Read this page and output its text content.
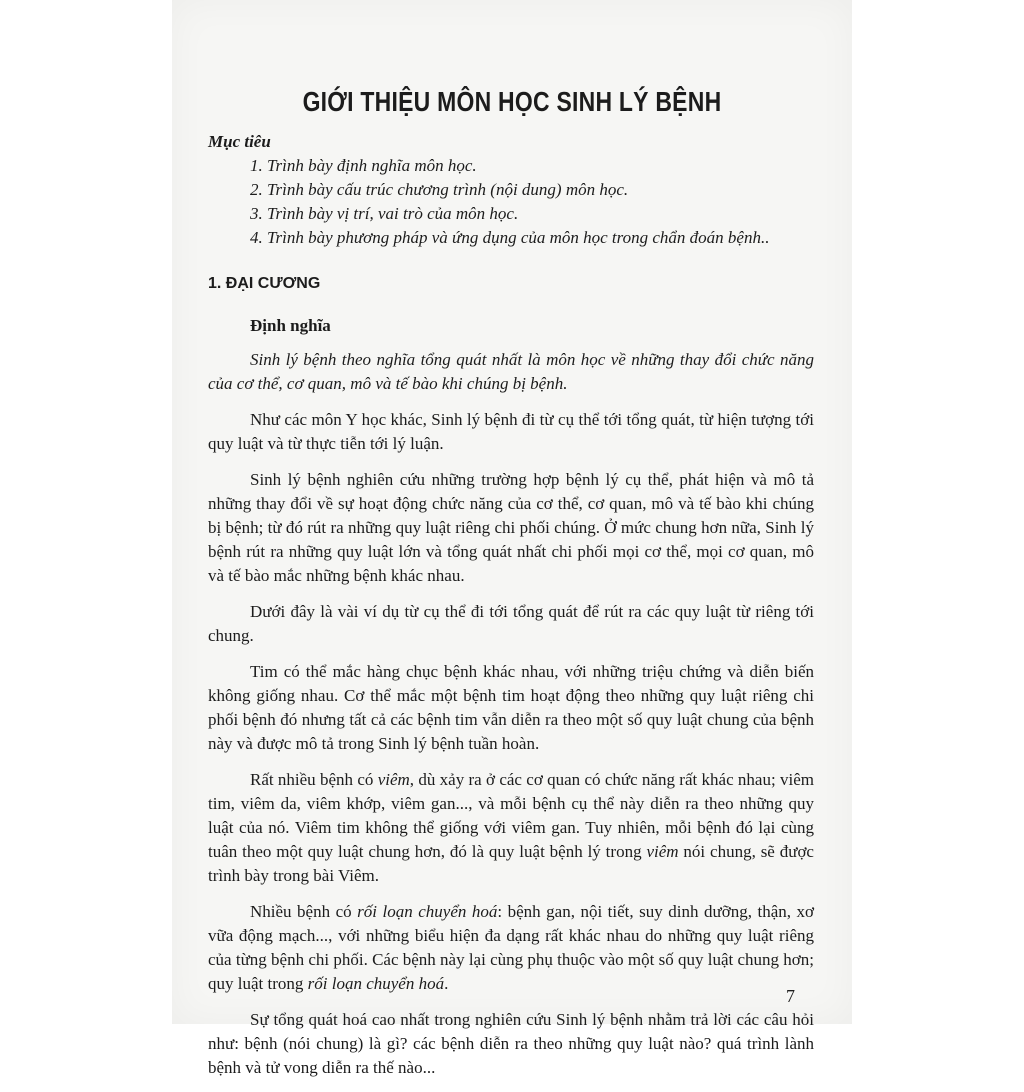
GIỚI THIỆU MÔN HỌC SINH LÝ BỆNH

Mục tiêu

1. Trình bày định nghĩa môn học.
2. Trình bày cấu trúc chương trình (nội dung) môn học.
3. Trình bày vị trí, vai trò của môn học.
4. Trình bày phương pháp và ứng dụng của môn học trong chẩn đoán bệnh..
1. ĐẠI CƯƠNG
Định nghĩa

Sinh lý bệnh theo nghĩa tổng quát nhất là môn học về những thay đổi chức năng của cơ thể, cơ quan, mô và tế bào khi chúng bị bệnh.

Như các môn Y học khác, Sinh lý bệnh đi từ cụ thể tới tổng quát, từ hiện tượng tới quy luật và từ thực tiễn tới lý luận.

Sinh lý bệnh nghiên cứu những trường hợp bệnh lý cụ thể, phát hiện và mô tả những thay đổi về sự hoạt động chức năng của cơ thể, cơ quan, mô và tế bào khi chúng bị bệnh; từ đó rút ra những quy luật riêng chi phối chúng. Ở mức chung hơn nữa, Sinh lý bệnh rút ra những quy luật lớn và tổng quát nhất chi phối mọi cơ thể, mọi cơ quan, mô và tế bào mắc những bệnh khác nhau.

Dưới đây là vài ví dụ từ cụ thể đi tới tổng quát để rút ra các quy luật từ riêng tới chung.

Tim có thể mắc hàng chục bệnh khác nhau, với những triệu chứng và diễn biến không giống nhau. Cơ thể mắc một bệnh tim hoạt động theo những quy luật riêng chi phối bệnh đó nhưng tất cả các bệnh tim vẫn diễn ra theo một số quy luật chung của bệnh này và được mô tả trong Sinh lý bệnh tuần hoàn.

Rất nhiều bệnh có viêm, dù xảy ra ở các cơ quan có chức năng rất khác nhau; viêm tim, viêm da, viêm khớp, viêm gan..., và mỗi bệnh cụ thể này diễn ra theo những quy luật của nó. Viêm tim không thể giống với viêm gan. Tuy nhiên, mỗi bệnh đó lại cùng tuân theo một quy luật chung hơn, đó là quy luật bệnh lý trong viêm nói chung, sẽ được trình bày trong bài Viêm.

Nhiều bệnh có rối loạn chuyển hoá: bệnh gan, nội tiết, suy dinh dưỡng, thận, xơ vữa động mạch..., với những biểu hiện đa dạng rất khác nhau do những quy luật riêng của từng bệnh chi phối. Các bệnh này lại cùng phụ thuộc vào một số quy luật chung hơn; quy luật trong rối loạn chuyển hoá.

Sự tổng quát hoá cao nhất trong nghiên cứu Sinh lý bệnh nhằm trả lời các câu hỏi như: bệnh (nói chung) là gì? các bệnh diễn ra theo những quy luật nào? quá trình lành bệnh và tử vong diễn ra thế nào...

7
